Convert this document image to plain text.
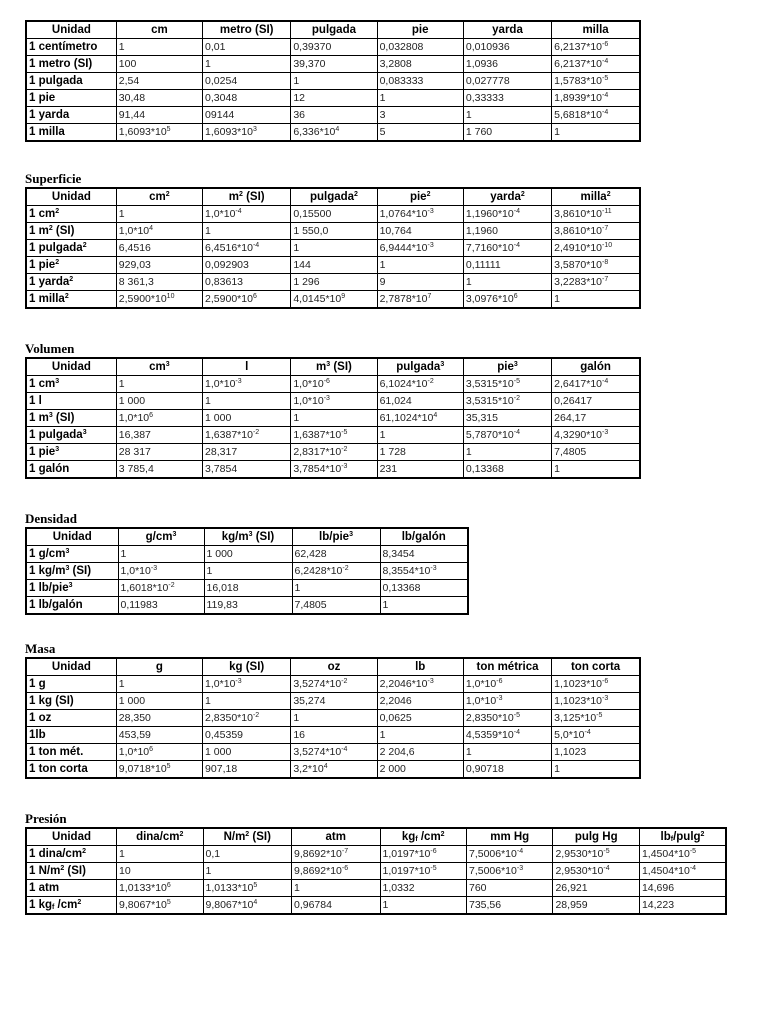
..
Unidad	cm	metro (SI)	pulgada	pie	yarda	milla
1 centímetro	1	0,01	0,39370	0,032808	0,010936	$6,2137*10^{-6}$
1 metro (SI)	100	1	39,370	3,2808	1,0936	$6,2137*10^{-4}$
1 pulgada	2,54	0,0254	1	0,083333	0,027778	$1,5783*10^{-5}$
1 pie	30,48	0,3048	12	1	0,33333	$1,8939*10^{-4}$
1 yarda	91,44	09144	36	3	1	$5,6818*10^{-4}$
1 milla	$1,6093*10^5$	$1,6093*10^3$	$6,336*10^4$	5	1 760	1
Superficie
Unidad	$cm^2$	$m^2$ (SI)	pulgada$^2$	pie$^2$	yarda$^2$	milla$^2$
1 $cm^2$	1	$1,0*10^{-4}$	0,15500	$1,0764*10^{-3}$	$1,1960*10^{-4}$	$3,8610*10^{-11}$
1 $m^2$ (SI)	$1,0*10^4$	1	1 550,0	10,764	1,1960	$3,8610*10^{-7}$
1 pulgada$^2$	6,4516	$6,4516*10^{-4}$	1	$6,9444*10^{-3}$	$7,7160*10^{-4}$	$2,4910*10^{-10}$
1 pie$^2$	929,03	0,092903	144	1	0,11111	$3,5870*10^{-8}$
1 yarda$^2$	8 361,3	0,83613	1 296	9	1	$3,2283*10^{-7}$
1 milla$^2$	$2,5900*10^{10}$	$2,5900*10^6$	$4,0145*10^9$	$2,7878*10^7$	$3,0976*10^6$	1
Volumen
Unidad	$cm^3$	l	$m^3$ (SI)	pulgada$^3$	pie$^3$	galón
1 $cm^3$	1	$1,0*10^{-3}$	$1,0*10^{-6}$	$6,1024*10^{-2}$	$3,5315*10^{-5}$	$2,6417*10^{-4}$
1 l	1 000	1	$1,0*10^{-3}$	61,024	$3,5315*10^{-2}$	0,26417
1 $m^3$ (SI)	$1,0*10^6$	1 000	1	$61,1024*10^4$	35,315	264,17
1 pulgada$^3$	16,387	$1,6387*10^{-2}$	$1,6387*10^{-5}$	1	$5,7870*10^{-4}$	$4,3290*10^{-3}$
1 pie$^3$	28 317	28,317	$2,8317*10^{-2}$	1 728	1	7,4805
1 galón	3 785,4	3,7854	$3,7854*10^{-3}$	231	0,13368	1
Densidad
Unidad	$g/cm^3$	$kg/m^3$ (SI)	lb/pie$^3$	lb/galón
1 $g/cm^3$	1	1 000	62,428	8,3454
1 $kg/m^3$ (SI)	$1,0*10^{-3}$	1	$6,2428*10^{-2}$	$8,3554*10^{-3}$
1 lb/pie$^3$	$1,6018*10^{-2}$	16,018	1	0,13368
1 lb/galón	0,11983	119,83	7,4805	1
Masa
Unidad	g	kg (SI)	oz	lb	ton métrica	ton corta
1 g	1	$1,0*10^{-3}$	$3,5274*10^{-2}$	$2,2046*10^{-3}$	$1,0*10^{-6}$	$1,1023*10^{-6}$
1 kg (SI)	1 000	1	35,274	2,2046	$1,0*10^{-3}$	$1,1023*10^{-3}$
1 oz	28,350	$2,8350*10^{-2}$	1	0,0625	$2,8350*10^{-5}$	$3,125*10^{-5}$
1lb	453,59	0,45359	16	1	$4,5359*10^{-4}$	$5,0*10^{-4}$
1 ton mét.	$1,0*10^6$	1 000	$3,5274*10^{-4}$	2 204,6	1	1,1023
1 ton corta	$9,0718*10^5$	907,18	$3,2*10^4$	2 000	0,90718	1
Presión
Unidad	dina/$cm^2$	$N/m^2$ (SI)	atm	$kg_f$ $/cm^2$	mm Hg	pulg Hg	$lb_f/pulg^2$
1 dina/$cm^2$	1	0,1	$9,8692*10^{-7}$	$1,0197*10^{-6}$	$7,5006*10^{-4}$	$2,9530*10^{-5}$	$1,4504*10^{-5}$
1 $N/m^2$ (SI)	10	1	$9,8692*10^{-6}$	$1,0197*10^{-5}$	$7,5006*10^{-3}$	$2,9530*10^{-4}$	$1,4504*10^{-4}$
1 atm	$1,0133*10^6$	$1,0133*10^5$	1	1,0332	760	26,921	14,696
1 $kg_f$ $/cm^2$	$9,8067*10^5$	$9,8067*10^4$	0,96784	1	735,56	28,959	14,223
